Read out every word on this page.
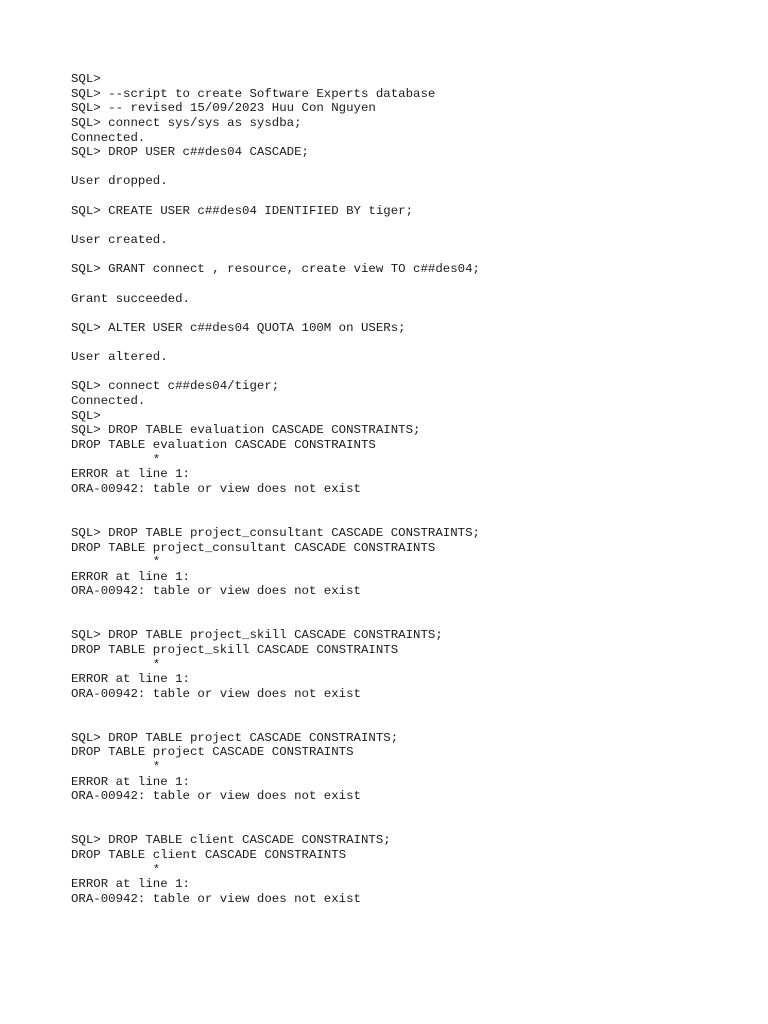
SQL>
SQL> --script to create Software Experts database
SQL> -- revised 15/09/2023 Huu Con Nguyen
SQL> connect sys/sys as sysdba;
Connected.
SQL> DROP USER c##des04 CASCADE;
User dropped.
SQL> CREATE USER c##des04 IDENTIFIED BY tiger;
User created.
SQL> GRANT connect , resource, create view TO c##des04;
Grant succeeded.
SQL> ALTER USER c##des04 QUOTA 100M on USERs;
User altered.
SQL> connect c##des04/tiger;
Connected.
SQL>
SQL> DROP TABLE evaluation CASCADE CONSTRAINTS;
DROP TABLE evaluation CASCADE CONSTRAINTS
*
ERROR at line 1:
ORA-00942: table or view does not exist
SQL> DROP TABLE project_consultant CASCADE CONSTRAINTS;
DROP TABLE project_consultant CASCADE CONSTRAINTS
*
ERROR at line 1:
ORA-00942: table or view does not exist
SQL> DROP TABLE project_skill CASCADE CONSTRAINTS;
DROP TABLE project_skill CASCADE CONSTRAINTS
*
ERROR at line 1:
ORA-00942: table or view does not exist
SQL> DROP TABLE project CASCADE CONSTRAINTS;
DROP TABLE project CASCADE CONSTRAINTS
*
ERROR at line 1:
ORA-00942: table or view does not exist
SQL> DROP TABLE client CASCADE CONSTRAINTS;
DROP TABLE client CASCADE CONSTRAINTS
*
ERROR at line 1:
ORA-00942: table or view does not exist
